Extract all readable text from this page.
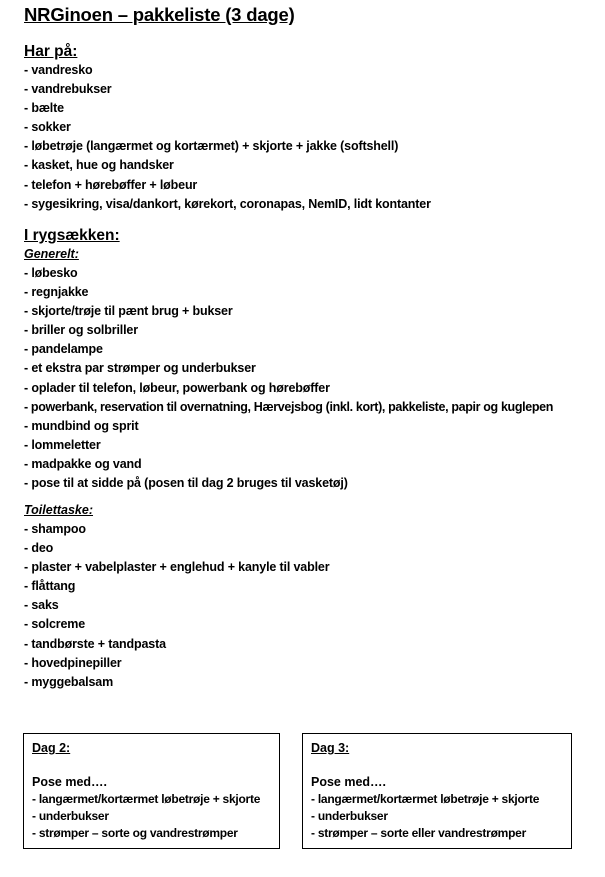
NRGinoen – pakkeliste (3 dage)
Har på:
- vandresko
- vandrebukser
- bælte
- sokker
- løbetrøje (langærmet og kortærmet) + skjorte + jakke (softshell)
- kasket, hue og handsker
- telefon + hørebøffer + løbeur
- sygesikring, visa/dankort, kørekort, coronapas, NemID, lidt kontanter
I rygsækken:
Generelt:
- løbesko
- regnjakke
- skjorte/trøje til pænt brug + bukser
- briller og solbriller
- pandelampe
- et ekstra par strømper og underbukser
- oplader til telefon, løbeur, powerbank og hørebøffer
- powerbank, reservation til overnatning, Hærvejsbog (inkl. kort), pakkeliste, papir og kuglepen
- mundbind og sprit
- lommeletter
- madpakke og vand
- pose til at sidde på (posen til dag 2 bruges til vasketøj)
Toilettaske:
- shampoo
- deo
- plaster + vabelplaster + englehud + kanyle til vabler
- flåttang
- saks
- solcreme
- tandbørste + tandpasta
- hovedpinepiller
- myggebalsam
Dag 2:
Pose med….
- langærmet/kortærmet løbetrøje + skjorte
- underbukser
- strømper – sorte og vandrestrømper
Dag 3:
Pose med….
- langærmet/kortærmet løbetrøje + skjorte
- underbukser
- strømper – sorte eller vandrestrømper
